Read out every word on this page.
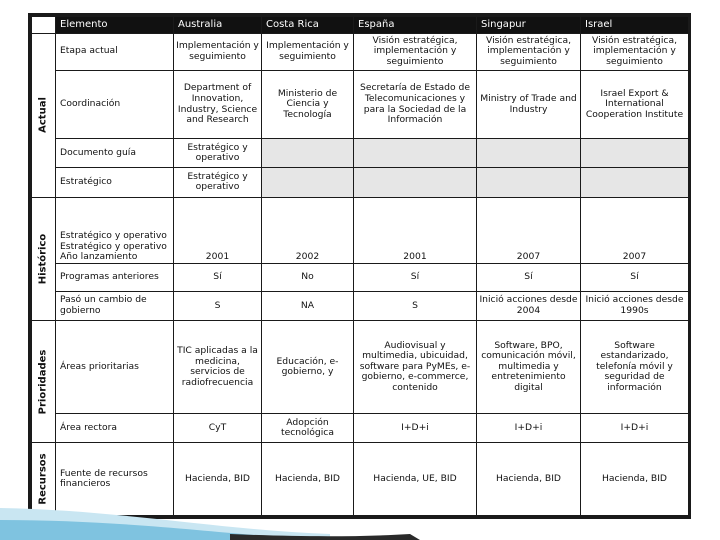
	Elemento	Australia	Costa Rica	España	Singapur	Israel

Actual	Etapa actual	Implementación y seguimiento	Implementación y seguimiento	Visión estratégica, implementación y seguimiento	Visión estratégica, implementación y seguimiento	Visión estratégica, implementación y seguimiento
	Coordinación	Department of Innovation, Industry, Science and Research	Ministerio de Ciencia y Tecnología	Secretaría de Estado de Telecomunicaciones y para la Sociedad de la Información	Ministry of Trade and Industry	Israel Export & International Cooperation Institute
	Documento guía	Estratégico y operativo				
	Estratégico	Estratégico y operativo				

Histórico	Estratégico y operativo Estratégico y operativo Año lanzamiento	2001	2002	2001	2007	2007
	Programas anteriores	Sí	No	Sí	Sí	Sí
	Pasó un cambio de gobierno	S	NA	S	Inició acciones desde 2004	Inició acciones desde 1990s

Prioridades	Áreas prioritarias	TIC aplicadas a la medicina, servicios de radiofrecuencia	Educación, e-gobierno, y	Audiovisual y multimedia, ubicuidad, software para PyMEs, e-gobierno, e-commerce, contenido	Software, BPO, comunicación móvil, multimedia y entretenimiento digital	Software estandarizado, telefonía móvil y seguridad de información
	Área rectora	CyT	Adopción tecnológica	I+D+i	I+D+i	I+D+i

Recursos	Fuente de recursos financieros	Hacienda, BID	Hacienda, BID	Hacienda, UE, BID	Hacienda, BID	Hacienda, BID
